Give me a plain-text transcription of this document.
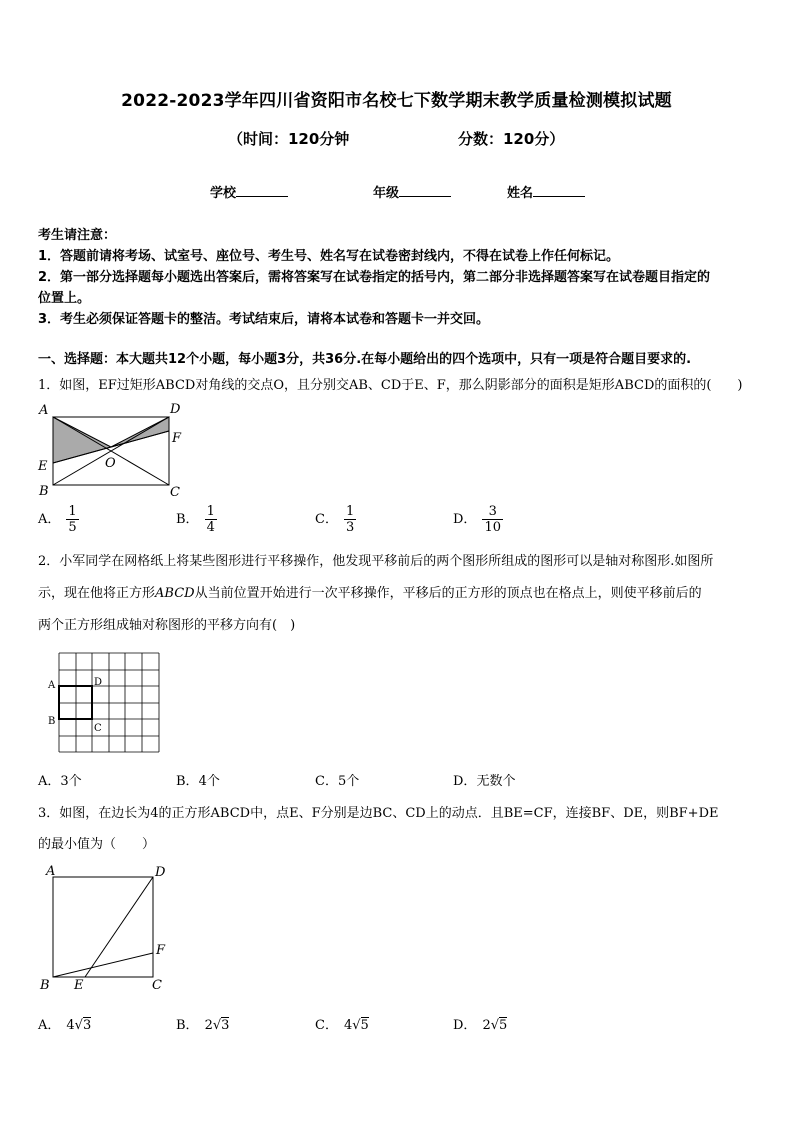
2022-2023学年四川省资阳市名校七下数学期末教学质量检测模拟试题
（时间：120分钟	分数：120分）
学校	年级	姓名
考生请注意：
1．答题前请将考场、试室号、座位号、考生号、姓名写在试卷密封线内，不得在试卷上作任何标记。
2．第一部分选择题每小题选出答案后，需将答案写在试卷指定的括号内，第二部分非选择题答案写在试卷题目指定的
位置上。
3．考生必须保证答题卡的整洁。考试结束后，请将本试卷和答题卡一并交回。
一、选择题：本大题共12个小题，每小题3分，共36分.在每小题给出的四个选项中，只有一项是符合题目要求的.
1．如图，EF过矩形ABCD对角线的交点O，且分别交AB、CD于E、F，那么阴影部分的面积是矩形ABCD的面积的(　　)
A	D
F
O
E
B	C
A． $\frac{1}{5}$	B． $\frac{1}{4}$	C． $\frac{1}{3}$	D． $\frac{3}{10}$
2．小军同学在网格纸上将某些图形进行平移操作，他发现平移前后的两个图形所组成的图形可以是轴对称图形.如图所
示，现在他将正方形ABCD从当前位置开始进行一次平移操作，平移后的正方形的顶点也在格点上，则使平移前后的
两个正方形组成轴对称图形的平移方向有(　)
A	D
B
C
A．3个	B．4个	C．5个	D．无数个
3．如图，在边长为4的正方形ABCD中，点E、F分别是边BC、CD上的动点．且BE=CF，连接BF、DE，则BF+DE
的最小值为（　　）
A	D
F
B E	C
A． 4√3	B． 2√3	C． 4√5	D． 2√5
